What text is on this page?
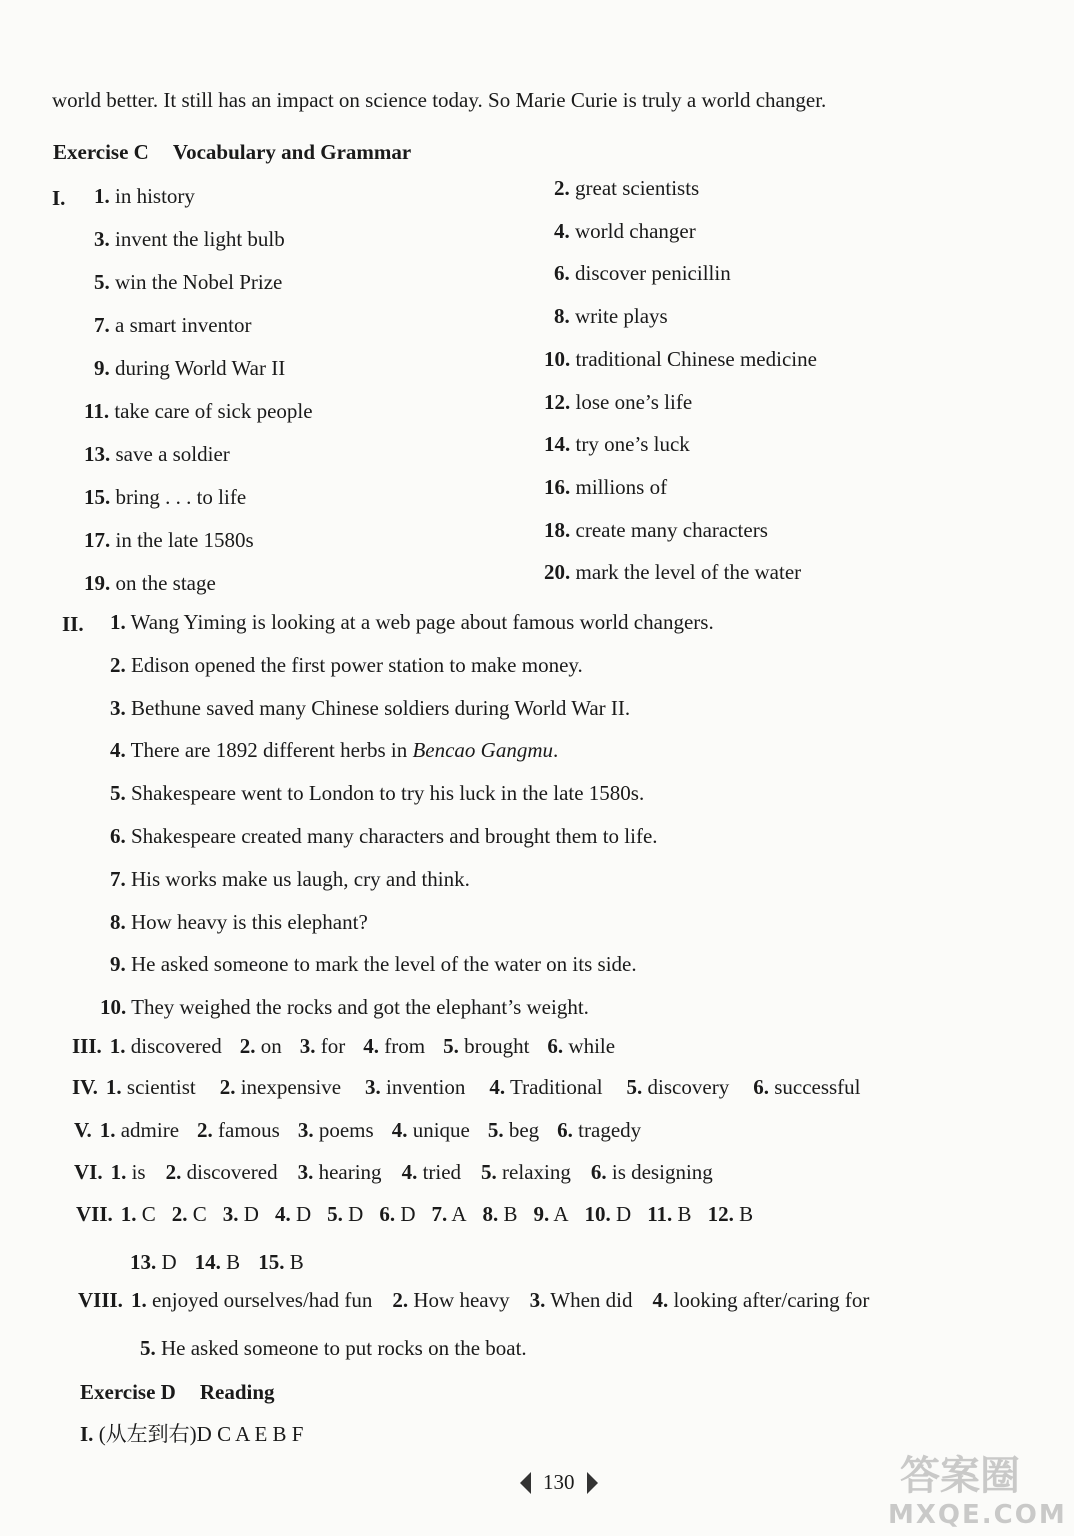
world better. It still has an impact on science today. So Marie Curie is truly a world changer.
Exercise C Vocabulary and Grammar
I.
II.
Exercise D Reading
I. (从左到右)D C A E B F
130	答案圈
MXQE.COM
1. in history
3. invent the light bulb
5. win the Nobel Prize
7. a smart inventor
9. during World War II
11. take care of sick people
13. save a soldier
15. bring . . . to life
17. in the late 1580s
19. on the stage
2. great scientists
4. world changer
6. discover penicillin
8. write plays
10. traditional Chinese medicine
12. lose one’s life
14. try one’s luck
16. millions of
18. create many characters
20. mark the level of the water
1. Wang Yiming is looking at a web page about famous world changers.
2. Edison opened the first power station to make money.
3. Bethune saved many Chinese soldiers during World War II.
4. There are 1892 different herbs in Bencao Gangmu.
5. Shakespeare went to London to try his luck in the late 1580s.
6. Shakespeare created many characters and brought them to life.
7. His works make us laugh, cry and think.
8. How heavy is this elephant?
9. He asked someone to mark the level of the water on its side.
10. They weighed the rocks and got the elephant’s weight.
III. 1. discovered 2. on 3. for 4. from 5. brought 6. while
IV. 1. scientist 2. inexpensive 3. invention 4. Traditional 5. discovery 6. successful
V. 1. admire 2. famous 3. poems 4. unique 5. beg 6. tragedy
VI. 1. is 2. discovered 3. hearing 4. tried 5. relaxing 6. is designing
VII. 1. C 2. C 3. D 4. D 5. D 6. D 7. A 8. B 9. A 10. D 11. B 12. B
13. D 14. B 15. B
VIII. 1. enjoyed ourselves/had fun 2. How heavy 3. When did 4. looking after/caring for
5. He asked someone to put rocks on the boat.
